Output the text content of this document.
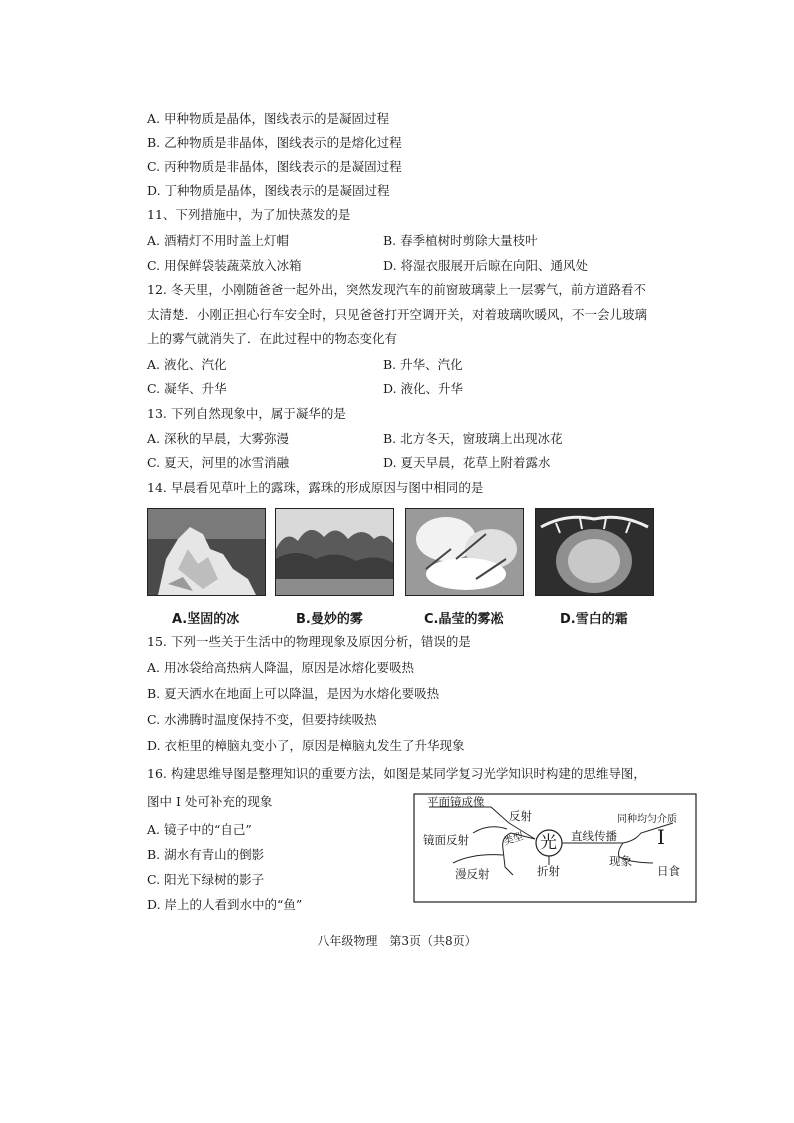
A. 甲种物质是晶体，图线表示的是凝固过程
B. 乙种物质是非晶体，图线表示的是熔化过程
C. 丙种物质是非晶体，图线表示的是凝固过程
D. 丁种物质是晶体，图线表示的是凝固过程
11、下列措施中，为了加快蒸发的是
A. 酒精灯不用时盖上灯帽	B. 春季植树时剪除大量枝叶
C. 用保鲜袋装蔬菜放入冰箱	D. 将湿衣服展开后晾在向阳、通风处
12. 冬天里，小刚随爸爸一起外出，突然发现汽车的前窗玻璃蒙上一层雾气，前方道路看不
太清楚．小刚正担心行车安全时，只见爸爸打开空调开关，对着玻璃吹暖风，不一会儿玻璃
上的雾气就消失了．在此过程中的物态变化有
A. 液化、汽化	B. 升华、汽化
C. 凝华、升华	D. 液化、升华
13. 下列自然现象中，属于凝华的是
A. 深秋的早晨，大雾弥漫	B. 北方冬天，窗玻璃上出现冰花
C. 夏天，河里的冰雪消融	D. 夏天早晨，花草上附着露水
14. 早晨看见草叶上的露珠，露珠的形成原因与图中相同的是
A.坚固的冰	B.曼妙的雾	C.晶莹的雾凇	D.雪白的霜
15. 下列一些关于生活中的物理现象及原因分析，错误的是
A. 用冰袋给高热病人降温，原因是冰熔化要吸热
B. 夏天洒水在地面上可以降温，是因为水熔化要吸热
C. 水沸腾时温度保持不变，但要持续吸热
D. 衣柜里的樟脑丸变小了，原因是樟脑丸发生了升华现象
16. 构建思维导图是整理知识的重要方法，如图是某同学复习光学知识时构建的思维导图，
图中 Ⅰ 处可补充的现象
A. 镜子中的“自己”
B. 湖水有青山的倒影
C. 阳光下绿树的影子
D. 岸上的人看到水中的“鱼”
平面镜成像
反射
镜面反射	类型
漫反射
光
折射
直线传播
同种均匀介质
现象
Ⅰ
日食
八年级物理　第3页（共8页）
